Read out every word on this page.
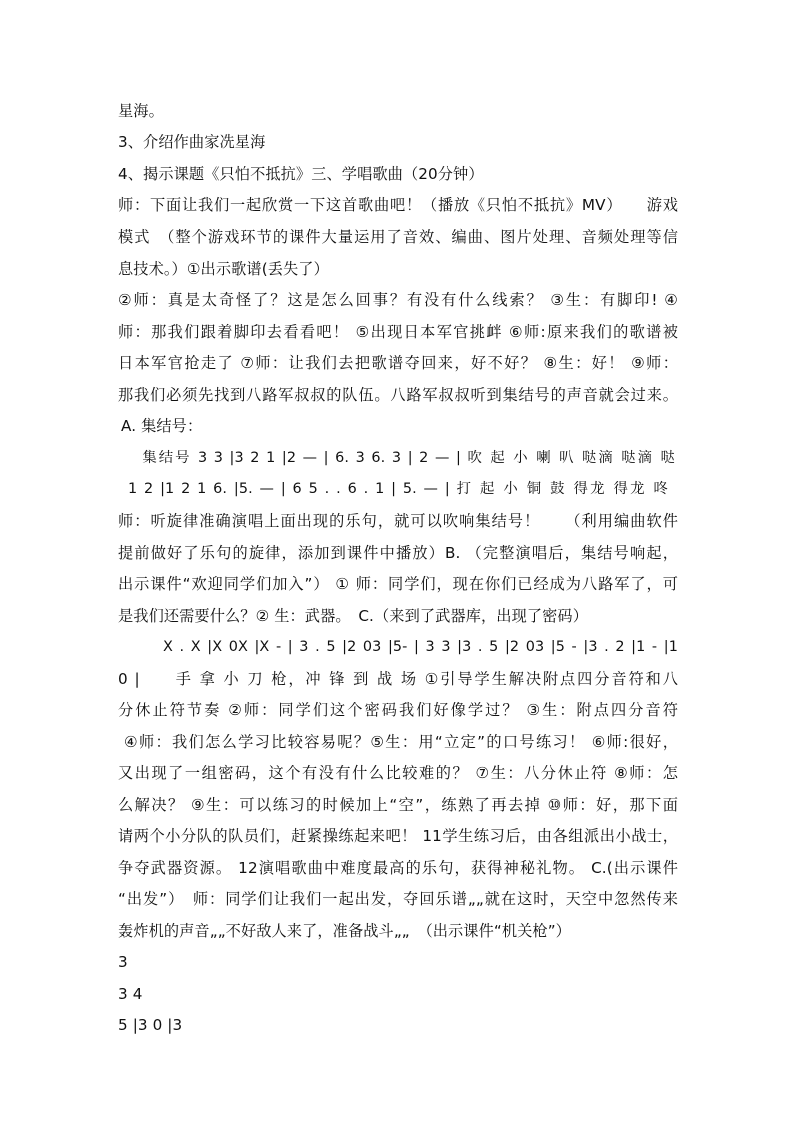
星海。
3、介绍作曲家冼星海
4、揭示课题《只怕不抵抗》三、学唱歌曲（20分钟）
师：下面让我们一起欣赏一下这首歌曲吧！（播放《只怕不抵抗》MV）　　游戏
模式　（整个游戏环节的课件大量运用了音效、编曲、图片处理、音频处理等信
息技术。）①出示歌谱(丢失了）
②师：真是太奇怪了？这是怎么回事？有没有什么线索？ ③生：有脚印! ④
师：那我们跟着脚印去看看吧！ ⑤出现日本军官挑衅 ⑥师:原来我们的歌谱被
日本军官抢走了 ⑦师：让我们去把歌谱夺回来，好不好？ ⑧生：好！ ⑨师：
那我们必须先找到八路军叔叔的队伍。八路军叔叔听到集结号的声音就会过来。
A. 集结号：
　集结号 3 3 |3 2 1 |2 — | 6. 3 6. 3 | 2 — | 吹 起 小 喇 叭 哒滴 哒滴 哒
1 2 |1 2 1 6. |5. — | 6 5 . . 6 . 1 | 5. — | 打 起 小 铜 鼓 得龙 得龙 咚
师：听旋律准确演唱上面出现的乐句，就可以吹响集结号！　　（利用编曲软件
提前做好了乐句的旋律，添加到课件中播放）B. （完整演唱后，集结号响起，
出示课件“欢迎同学们加入”） ① 师：同学们，现在你们已经成为八路军了，可
是我们还需要什么？② 生：武器。　C.（来到了武器库，出现了密码）
X . X |X 0X |X - | 3 . 5 |2 03 |5- | 3 3 |3 . 5 |2 03 |5 - |3 . 2 |1 - |1
0 |　　手 拿 小 刀 枪，冲 锋 到 战 场 ①引导学生解决附点四分音符和八
分休止符节奏 ②师：同学们这个密码我们好像学过？ ③生：附点四分音符
④师：我们怎么学习比较容易呢？⑤生：用“立定”的口号练习！ ⑥师:很好，
又出现了一组密码，这个有没有什么比较难的？ ⑦生：八分休止符 ⑧师：怎
么解决？ ⑨生：可以练习的时候加上“空”，练熟了再去掉 ⑩师：好，那下面
请两个小分队的队员们，赶紧操练起来吧！ 11学生练习后，由各组派出小战士，
争夺武器资源。 12演唱歌曲中难度最高的乐句，获得神秘礼物。 C.(出示课件
“出发”）　师：同学们让我们一起出发，夺回乐谱„„就在这时，天空中忽然传来
轰炸机的声音„„不好敌人来了，准备战斗„„　（出示课件“机关枪”）
3
3 4
5 |3 0 |3
